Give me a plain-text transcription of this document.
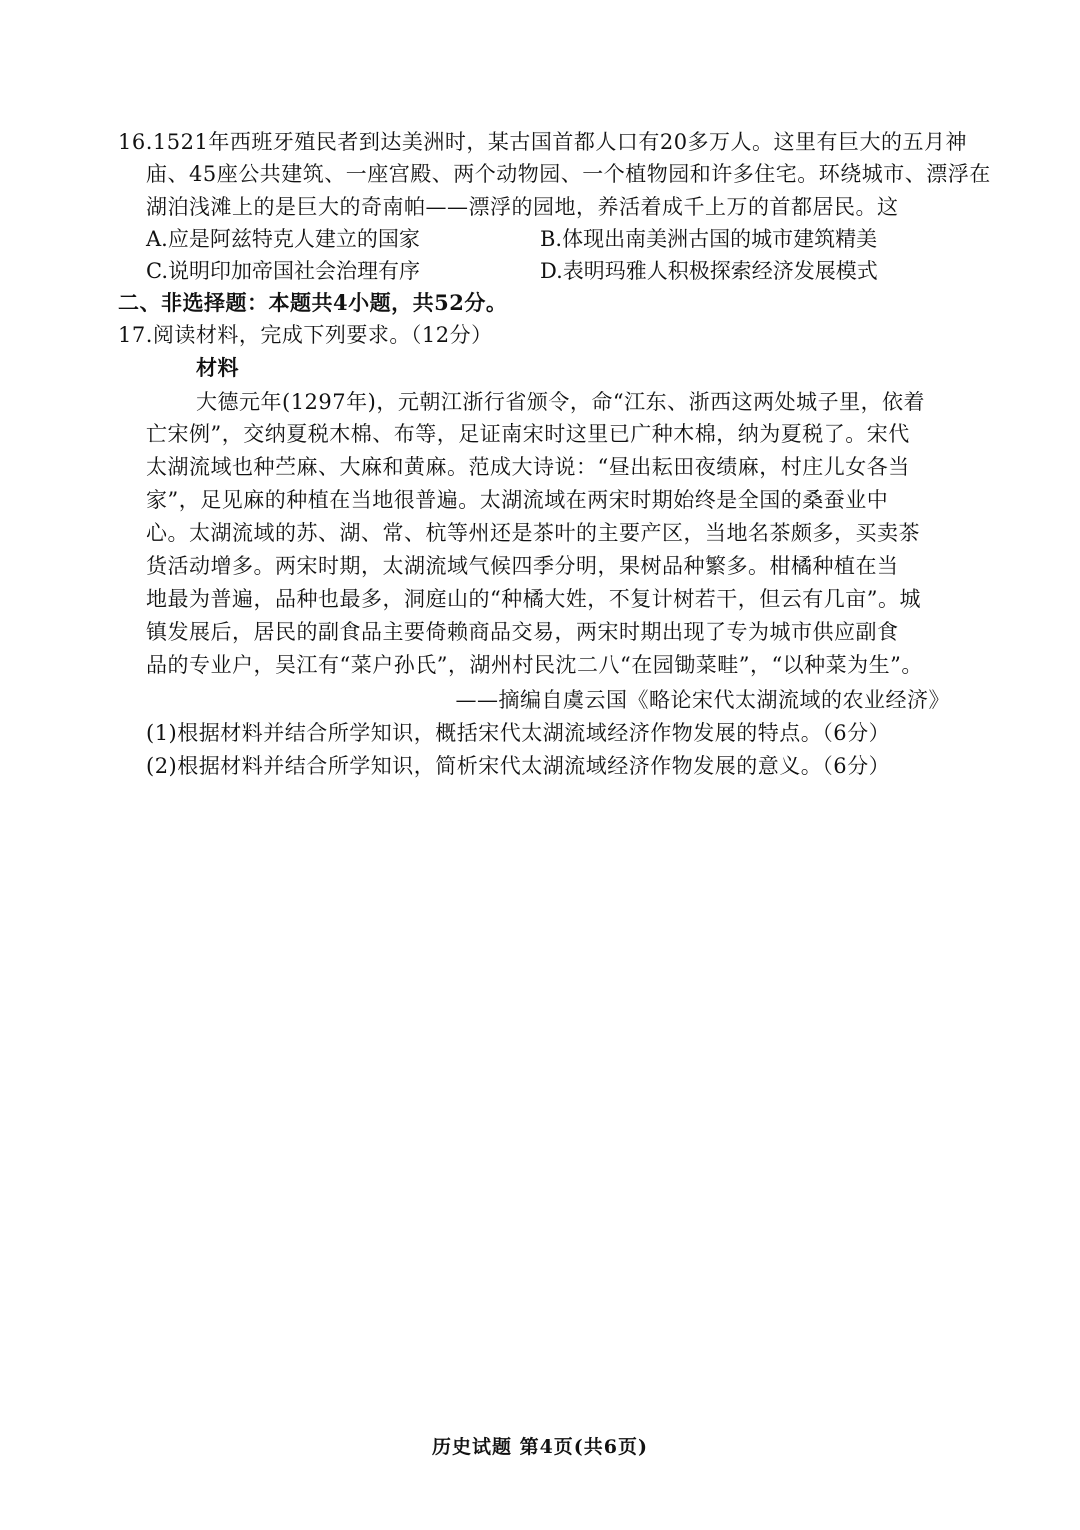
16.1521年西班牙殖民者到达美洲时，某古国首都人口有20多万人。这里有巨大的五月神
庙、45座公共建筑、一座宫殿、两个动物园、一个植物园和许多住宅。环绕城市、漂浮在
湖泊浅滩上的是巨大的奇南帕——漂浮的园地，养活着成千上万的首都居民。这
A.应是阿兹特克人建立的国家	B.体现出南美洲古国的城市建筑精美
C.说明印加帝国社会治理有序	D.表明玛雅人积极探索经济发展模式
二、非选择题：本题共4小题，共52分。
17.阅读材料，完成下列要求。（12分）
材料
大德元年(1297年)，元朝江浙行省颁令，命“江东、浙西这两处城子里，依着
亡宋例”，交纳夏税木棉、布等，足证南宋时这里已广种木棉，纳为夏税了。宋代
太湖流域也种苎麻、大麻和黄麻。范成大诗说：“昼出耘田夜绩麻，村庄儿女各当
家”，足见麻的种植在当地很普遍。太湖流域在两宋时期始终是全国的桑蚕业中
心。太湖流域的苏、湖、常、杭等州还是茶叶的主要产区，当地名茶颇多，买卖茶
货活动增多。两宋时期，太湖流域气候四季分明，果树品种繁多。柑橘种植在当
地最为普遍，品种也最多，洞庭山的“种橘大姓，不复计树若干，但云有几亩”。城
镇发展后，居民的副食品主要倚赖商品交易，两宋时期出现了专为城市供应副食
品的专业户，吴江有“菜户孙氏”，湖州村民沈二八“在园锄菜畦”，“以种菜为生”。
——摘编自虞云国《略论宋代太湖流域的农业经济》
(1)根据材料并结合所学知识，概括宋代太湖流域经济作物发展的特点。（6分）
(2)根据材料并结合所学知识，简析宋代太湖流域经济作物发展的意义。（6分）
历史试题 第4页(共6页)
